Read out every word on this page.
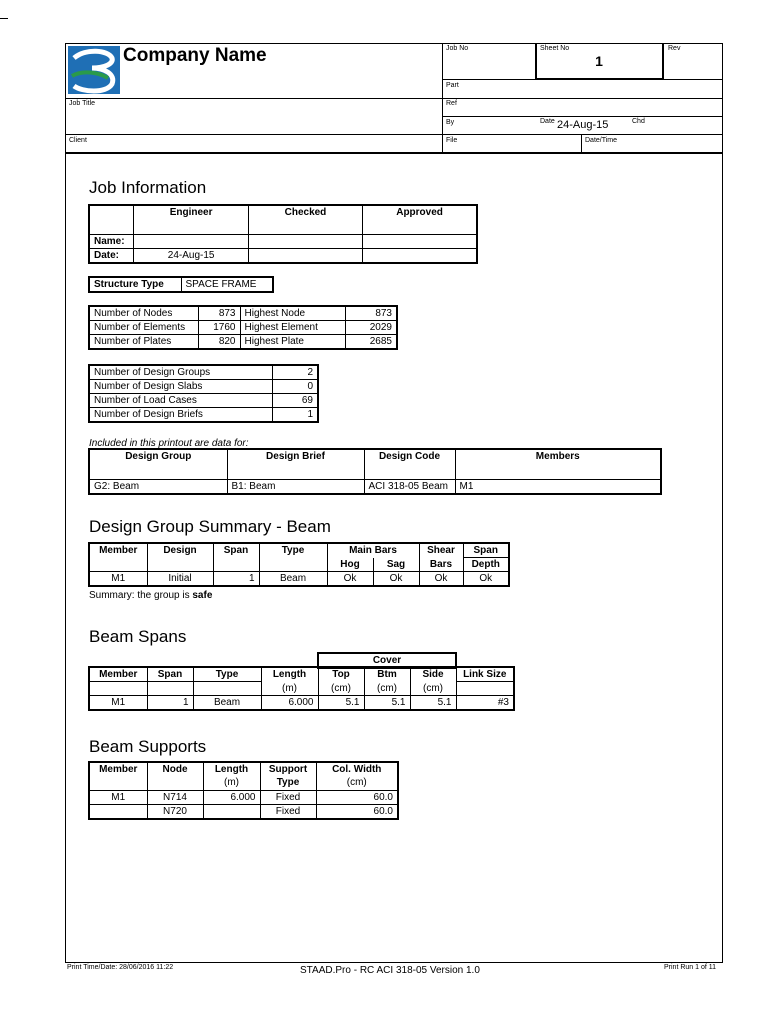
Company Name	Job No	Sheet No
1
Rev
Part
Job Title	Ref
By	Date 24-Aug-15	Chd
Client	File	Date/Time
Job Information
	Engineer	Checked	Approved
Name:			
Date:	24-Aug-15		
Structure Type	SPACE FRAME
Number of Nodes	873	Highest Node	873
Number of Elements	1760	Highest Element	2029
Number of Plates	820	Highest Plate	2685
Number of Design Groups	2
Number of Design Slabs	0
Number of Load Cases	69
Number of Design Briefs	1
Included in this printout are data for:
Design Group	Design Brief	Design Code	Members
G2: Beam	B1: Beam	ACI 318-05 Beam	M1
Design Group Summary - Beam
Member	Design	Span	Type	Main Bars		Shear	Span
				Hog	Sag	Bars	Depth
M1	Initial	1	Beam	Ok	Ok	Ok	Ok
Summary: the group is safe
Beam Spans
Cover
Member	Span	Type	Length	Top	Btm	Side	Link Size
			(m)	(cm)	(cm)	(cm)	
M1	1	Beam	6.000	5.1	5.1	5.1	#3
Beam Supports
Member	Node	Length	Support	Col. Width
		(m)	Type	(cm)
M1	N714	6.000	Fixed	60.0
	N720		Fixed	60.0
Print Time/Date: 28/06/2016 11:22	STAAD.Pro - RC ACI 318-05 Version 1.0	Print Run 1 of 11
